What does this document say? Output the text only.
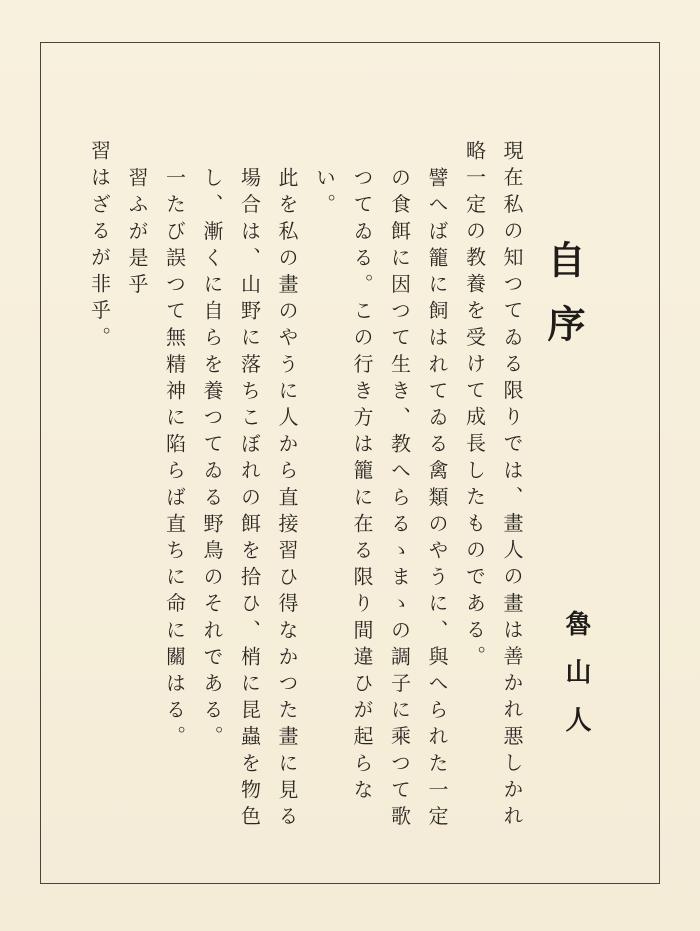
自序

現在私の知つてゐる限りでは、畫人の畫は善かれ悪しかれ略一定の教養を受けて成長したものである。

譬へば籠に飼はれてゐる禽類のやうに、與へられた一定の食餌に因つて生き、教へらるゝまゝの調子に乘つて歌つてゐる。この行き方は籠に在る限り間違ひが起らない。

此を私の畫のやうに人から直接習ひ得なかつた畫に見る場合は、山野に落ちこぼれの餌を拾ひ、梢に昆蟲を物色し、漸くに自らを養つてゐる野鳥のそれである。

一たび誤つて無精神に陷らば直ちに命に關はる。

習ふが是乎

習はざるが非乎。

魯山人
